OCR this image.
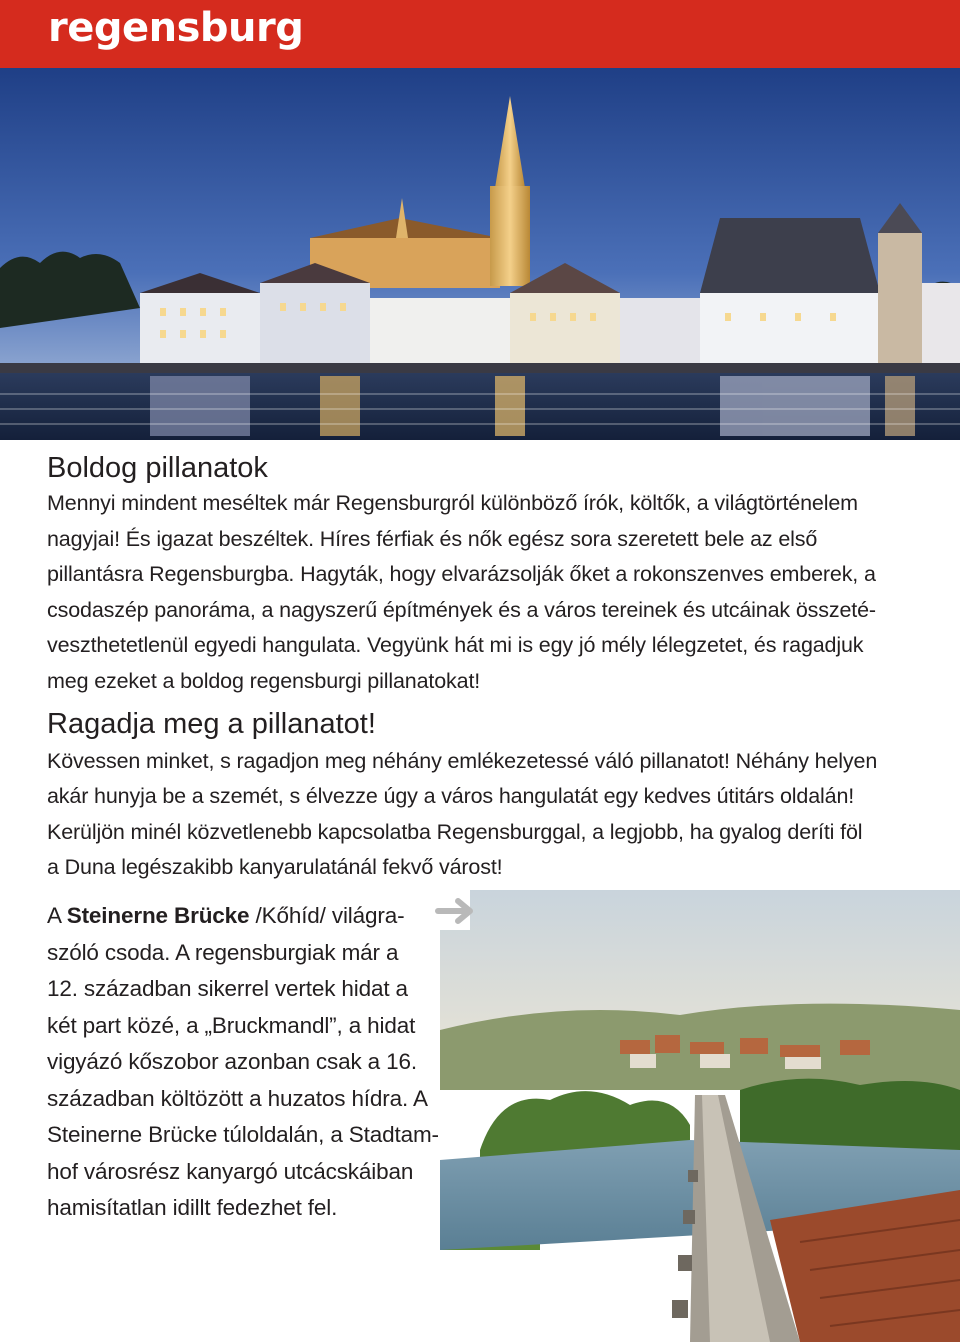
regensburg
Boldog pillanatok

Mennyi mindent meséltek már Regensburgról különböző írók, költők, a világtörténelem
nagyjai! És igazat beszéltek. Híres férfiak és nők egész sora szeretett bele az első
pillantásra Regensburgba. Hagyták, hogy elvarázsolják őket a rokonszenves emberek, a
csodaszép panoráma, a nagyszerű építmények és a város tereinek és utcáinak összeté-
veszthetetlenül egyedi hangulata. Vegyünk hát mi is egy jó mély lélegzetet, és ragadjuk
meg ezeket a boldog regensburgi pillanatokat!

Ragadja meg a pillanatot!

Kövessen minket, s ragadjon meg néhány emlékezetessé váló pillanatot! Néhány helyen
akár hunyja be a szemét, s élvezze úgy a város hangulatát egy kedves útitárs oldalán!
Kerüljön minél közvetlenebb kapcsolatba Regensburggal, a legjobb, ha gyalog deríti föl
a Duna legészakibb kanyarulatánál fekvő várost!

A Steinerne Brücke /Kőhíd/ világra-
szóló csoda. A regensburgiak már a
12. században sikerrel vertek hidat a
két part közé, a „Bruckmandl”, a hidat
vigyázó kőszobor azonban csak a 16.
században költözött a huzatos hídra. A
Steinerne Brücke túloldalán, a Stadtam-
hof városrész kanyargó utcácskáiban
hamisítatlan idillt fedezhet fel.
